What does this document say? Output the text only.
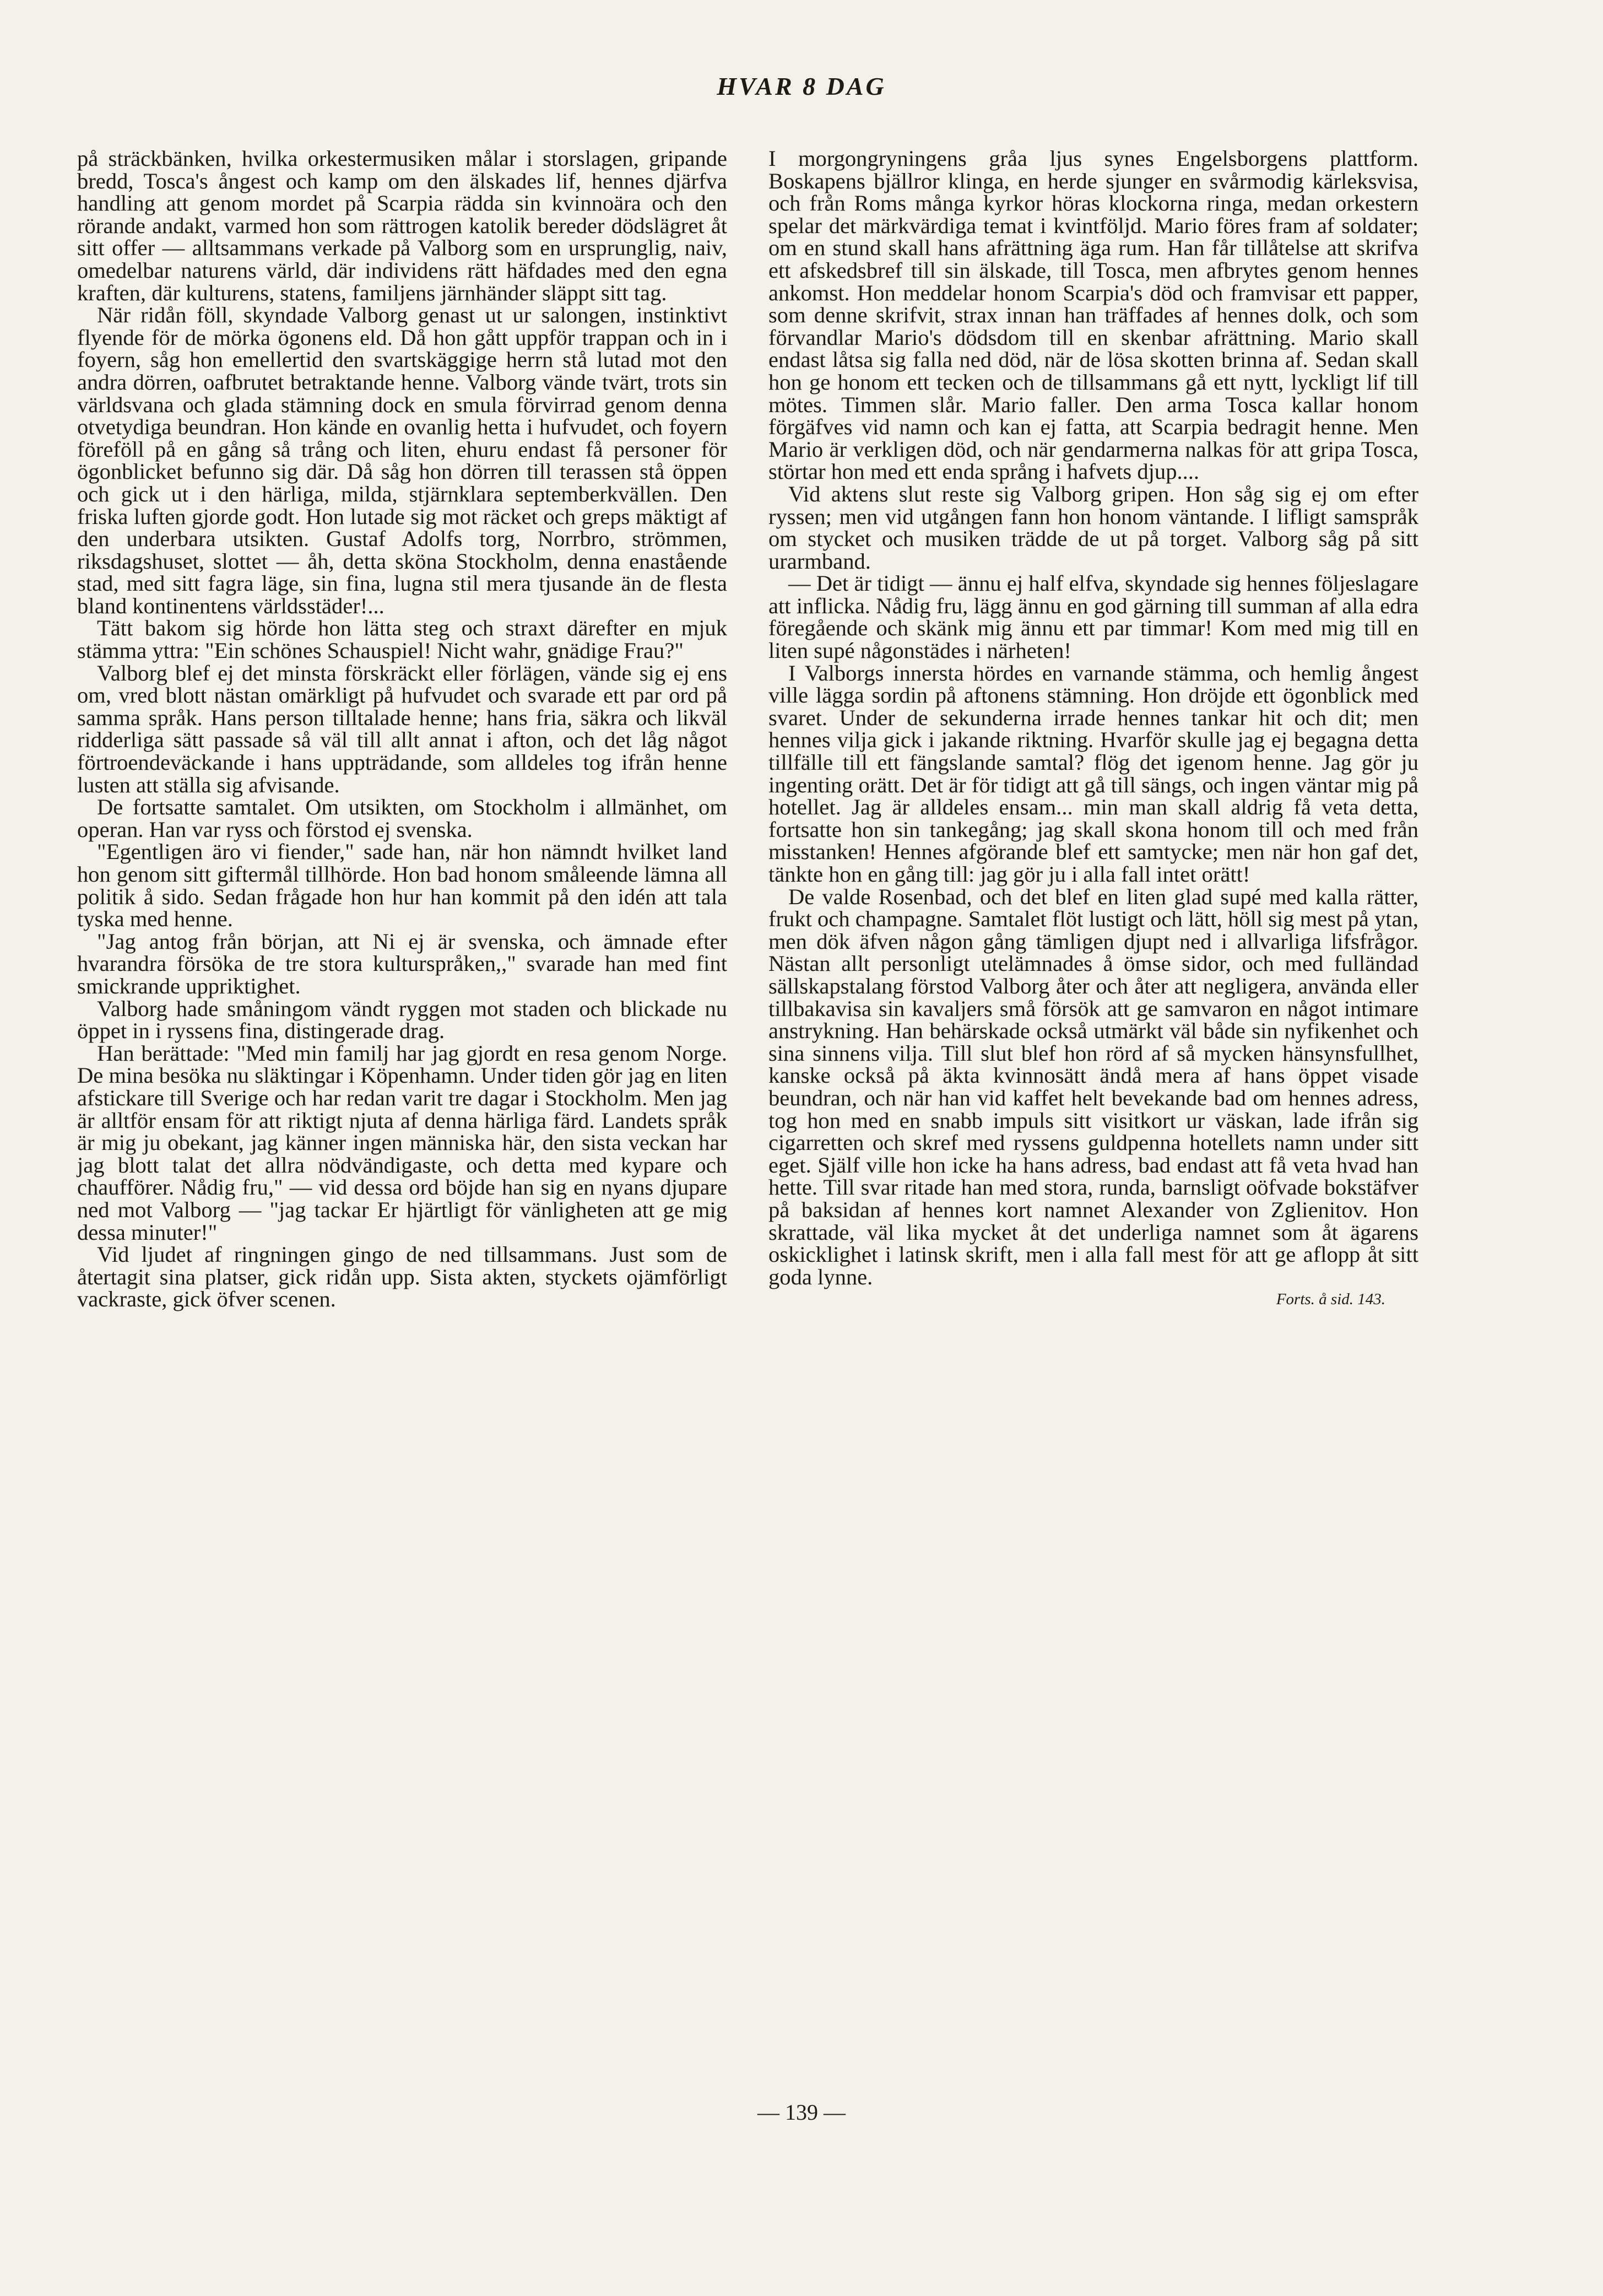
HVAR 8 DAG

på sträckbänken, hvilka orkestermusiken målar i storslagen, gripande bredd, Tosca's ångest och kamp om den älskades lif, hennes djärfva handling att genom mordet på Scarpia rädda sin kvinnoära och den rörande andakt, varmed hon som rättrogen katolik bereder dödslägret åt sitt offer — alltsammans verkade på Valborg som en ursprunglig, naiv, omedelbar naturens värld, där individens rätt häfdades med den egna kraften, där kulturens, statens, familjens järnhänder släppt sitt tag.

När ridån föll, skyndade Valborg genast ut ur salongen, instinktivt flyende för de mörka ögonens eld. Då hon gått uppför trappan och in i foyern, såg hon emellertid den svartskäggige herrn stå lutad mot den andra dörren, oafbrutet betraktande henne. Valborg vände tvärt, trots sin världsvana och glada stämning dock en smula förvirrad genom denna otvetydiga beundran. Hon kände en ovanlig hetta i hufvudet, och foyern föreföll på en gång så trång och liten, ehuru endast få personer för ögonblicket befunno sig där. Då såg hon dörren till terassen stå öppen och gick ut i den härliga, milda, stjärnklara septemberkvällen. Den friska luften gjorde godt. Hon lutade sig mot räcket och greps mäktigt af den underbara utsikten. Gustaf Adolfs torg, Norrbro, strömmen, riksdagshuset, slottet — åh, detta sköna Stockholm, denna enastående stad, med sitt fagra läge, sin fina, lugna stil mera tjusande än de flesta bland kontinentens världsstäder!...

Tätt bakom sig hörde hon lätta steg och straxt därefter en mjuk stämma yttra: "Ein schönes Schauspiel! Nicht wahr, gnädige Frau?"

Valborg blef ej det minsta förskräckt eller förlägen, vände sig ej ens om, vred blott nästan omärkligt på hufvudet och svarade ett par ord på samma språk. Hans person tilltalade henne; hans fria, säkra och likväl ridderliga sätt passade så väl till allt annat i afton, och det låg något förtroendeväckande i hans uppträdande, som alldeles tog ifrån henne lusten att ställa sig afvisande.

De fortsatte samtalet. Om utsikten, om Stockholm i allmänhet, om operan. Han var ryss och förstod ej svenska.

"Egentligen äro vi fiender," sade han, när hon nämndt hvilket land hon genom sitt giftermål tillhörde. Hon bad honom småleende lämna all politik å sido. Sedan frågade hon hur han kommit på den idén att tala tyska med henne.

"Jag antog från början, att Ni ej är svenska, och ämnade efter hvarandra försöka de tre stora kulturspråken,," svarade han med fint smickrande uppriktighet.

Valborg hade småningom vändt ryggen mot staden och blickade nu öppet in i ryssens fina, distingerade drag.

Han berättade: "Med min familj har jag gjordt en resa genom Norge. De mina besöka nu släktingar i Köpenhamn. Under tiden gör jag en liten afstickare till Sverige och har redan varit tre dagar i Stockholm. Men jag är alltför ensam för att riktigt njuta af denna härliga färd. Landets språk är mig ju obekant, jag känner ingen människa här, den sista veckan har jag blott talat det allra nödvändigaste, och detta med kypare och chaufförer. Nådig fru," — vid dessa ord böjde han sig en nyans djupare ned mot Valborg — "jag tackar Er hjärtligt för vänligheten att ge mig dessa minuter!"

Vid ljudet af ringningen gingo de ned tillsammans. Just som de återtagit sina platser, gick ridån upp. Sista akten, styckets ojämförligt vackraste, gick öfver scenen.

I morgongryningens gråa ljus synes Engelsborgens plattform. Boskapens bjällror klinga, en herde sjunger en svårmodig kärleksvisa, och från Roms många kyrkor höras klockorna ringa, medan orkestern spelar det märkvärdiga temat i kvintföljd. Mario föres fram af soldater; om en stund skall hans afrättning äga rum. Han får tillåtelse att skrifva ett afskedsbref till sin älskade, till Tosca, men afbrytes genom hennes ankomst. Hon meddelar honom Scarpia's död och framvisar ett papper, som denne skrifvit, strax innan han träffades af hennes dolk, och som förvandlar Mario's dödsdom till en skenbar afrättning. Mario skall endast låtsa sig falla ned död, när de lösa skotten brinna af. Sedan skall hon ge honom ett tecken och de tillsammans gå ett nytt, lyckligt lif till mötes. Timmen slår. Mario faller. Den arma Tosca kallar honom förgäfves vid namn och kan ej fatta, att Scarpia bedragit henne. Men Mario är verkligen död, och när gendarmerna nalkas för att gripa Tosca, störtar hon med ett enda språng i hafvets djup....

Vid aktens slut reste sig Valborg gripen. Hon såg sig ej om efter ryssen; men vid utgången fann hon honom väntande. I lifligt samspråk om stycket och musiken trädde de ut på torget. Valborg såg på sitt urarmband.

— Det är tidigt — ännu ej half elfva, skyndade sig hennes följeslagare att inflicka. Nådig fru, lägg ännu en god gärning till summan af alla edra föregående och skänk mig ännu ett par timmar! Kom med mig till en liten supé någonstädes i närheten!

I Valborgs innersta hördes en varnande stämma, och hemlig ångest ville lägga sordin på aftonens stämning. Hon dröjde ett ögonblick med svaret. Under de sekunderna irrade hennes tankar hit och dit; men hennes vilja gick i jakande riktning. Hvarför skulle jag ej begagna detta tillfälle till ett fängslande samtal? flög det igenom henne. Jag gör ju ingenting orätt. Det är för tidigt att gå till sängs, och ingen väntar mig på hotellet. Jag är alldeles ensam... min man skall aldrig få veta detta, fortsatte hon sin tankegång; jag skall skona honom till och med från misstanken! Hennes afgörande blef ett samtycke; men när hon gaf det, tänkte hon en gång till: jag gör ju i alla fall intet orätt!

De valde Rosenbad, och det blef en liten glad supé med kalla rätter, frukt och champagne. Samtalet flöt lustigt och lätt, höll sig mest på ytan, men dök äfven någon gång tämligen djupt ned i allvarliga lifsfrågor. Nästan allt personligt utelämnades å ömse sidor, och med fulländad sällskapstalang förstod Valborg åter och åter att negligera, använda eller tillbakavisa sin kavaljers små försök att ge samvaron en något intimare anstrykning. Han behärskade också utmärkt väl både sin nyfikenhet och sina sinnens vilja. Till slut blef hon rörd af så mycken hänsynsfullhet, kanske också på äkta kvinnosätt ändå mera af hans öppet visade beundran, och när han vid kaffet helt bevekande bad om hennes adress, tog hon med en snabb impuls sitt visitkort ur väskan, lade ifrån sig cigarretten och skref med ryssens guldpenna hotellets namn under sitt eget. Själf ville hon icke ha hans adress, bad endast att få veta hvad han hette. Till svar ritade han med stora, runda, barnsligt oöfvade bokstäfver på baksidan af hennes kort namnet Alexander von Zglienitov. Hon skrattade, väl lika mycket åt det underliga namnet som åt ägarens oskicklighet i latinsk skrift, men i alla fall mest för att ge aflopp åt sitt goda lynne.

Forts. å sid. 143.
— 139 —
